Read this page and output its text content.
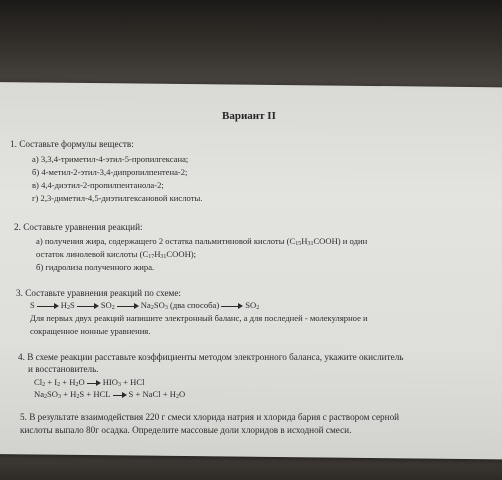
Вариант II
1. Составьте формулы веществ:
а) 3,3,4-триметил-4-этил-5-пропилгексана;
б) 4-метил-2-этил-3,4-дипропилпентена-2;
в) 4,4-диэтил-2-пропилпентанола-2;
г) 2,3-диметил-4,5-диэтилгексановой кислоты.
2. Составьте уравнения реакций:
а) получения жира, содержащего 2 остатка пальмитиновой кислоты $(C_{15}H_{31}COOH)$ и один
остаток линолевой кислоты $(C_{17}H_{31}COOH)$;
б) гидролиза полученного жира.
3. Составьте уравнения реакций по схеме:
S	$H_2S$	$SO_2$	$Na_2SO_3$ (два способа)	$SO_2$
Для первых двух реакций напишите электронный баланс, а для последней - молекулярное и
сокращенное ионные уравнения.
4. В схеме реакции расставьте коэффициенты методом электронного баланса, укажите окислитель
и восстановитель.
$Cl_2 + I_2 + H_2O$ $HIO_3$ + HCl
$Na_2SO_3 + H_2S$ + HCL S + NaCl + $H_2O$
5. В результате взаимодействия 220 г смеси хлорида натрия и хлорида бария с раствором серной
кислоты выпало 80г осадка. Определите массовые доли хлоридов в исходной смеси.
